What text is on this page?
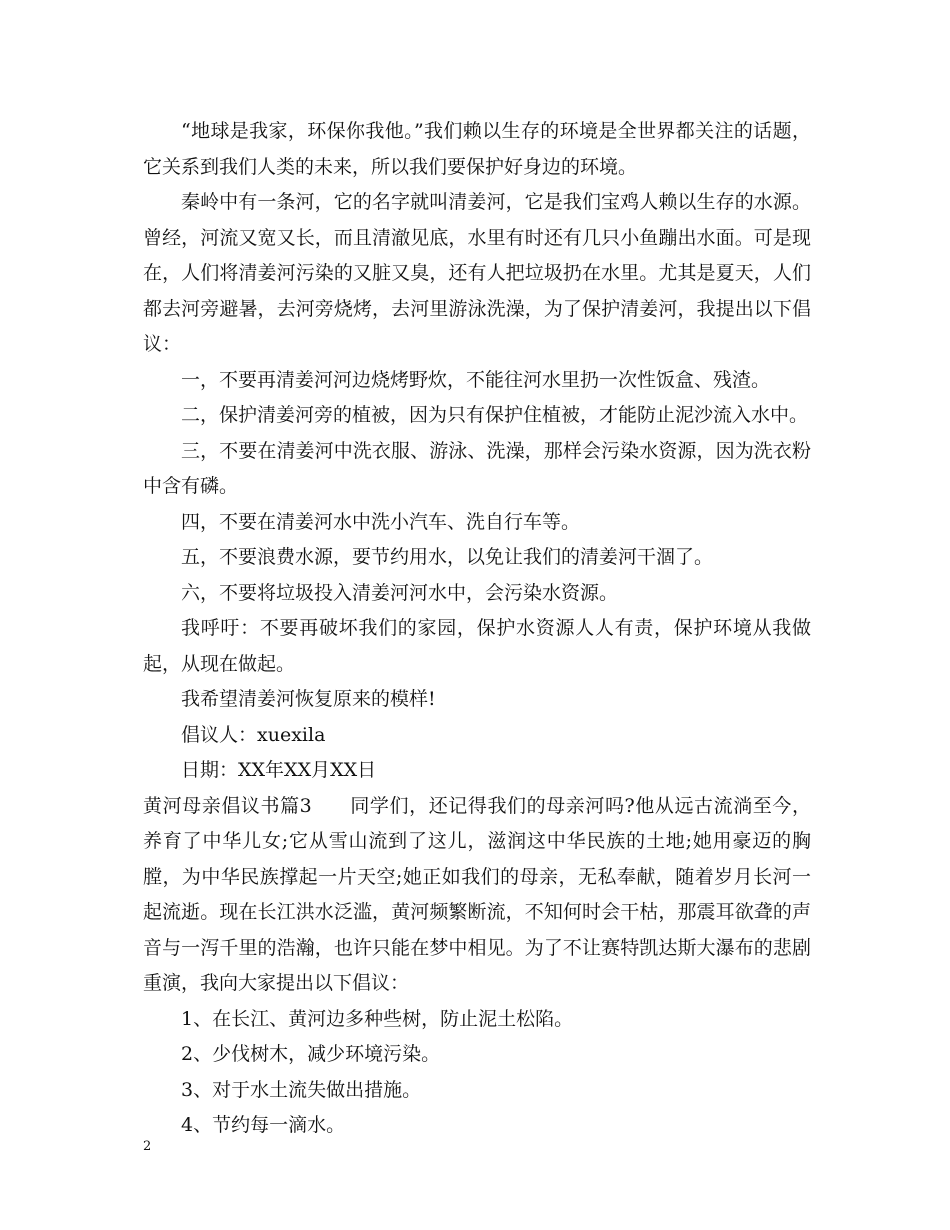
“地球是我家，环保你我他。”我们赖以生存的环境是全世界都关注的话题，它关系到我们人类的未来，所以我们要保护好身边的环境。

秦岭中有一条河，它的名字就叫清姜河，它是我们宝鸡人赖以生存的水源。曾经，河流又宽又长，而且清澈见底，水里有时还有几只小鱼蹦出水面。可是现在，人们将清姜河污染的又脏又臭，还有人把垃圾扔在水里。尤其是夏天，人们都去河旁避暑，去河旁烧烤，去河里游泳洗澡，为了保护清姜河，我提出以下倡议：

一，不要再清姜河河边烧烤野炊，不能往河水里扔一次性饭盒、残渣。

二，保护清姜河旁的植被，因为只有保护住植被，才能防止泥沙流入水中。

三，不要在清姜河中洗衣服、游泳、洗澡，那样会污染水资源，因为洗衣粉中含有磷。

四，不要在清姜河水中洗小汽车、洗自行车等。

五，不要浪费水源，要节约用水，以免让我们的清姜河干涸了。

六，不要将垃圾投入清姜河河水中，会污染水资源。

我呼吁：不要再破坏我们的家园，保护水资源人人有责，保护环境从我做起，从现在做起。

我希望清姜河恢复原来的模样!

倡议人：xuexila

日期：XX年XX月XX日

黄河母亲倡议书篇3 同学们，还记得我们的母亲河吗?他从远古流淌至今，养育了中华儿女;它从雪山流到了这儿，滋润这中华民族的土地;她用豪迈的胸膛，为中华民族撑起一片天空;她正如我们的母亲，无私奉献，随着岁月长河一起流逝。现在长江洪水泛滥，黄河频繁断流，不知何时会干枯，那震耳欲聋的声音与一泻千里的浩瀚，也许只能在梦中相见。为了不让赛特凯达斯大瀑布的悲剧重演，我向大家提出以下倡议：

1、在长江、黄河边多种些树，防止泥土松陷。

2、少伐树木，减少环境污染。

3、对于水土流失做出措施。

4、节约每一滴水。

2
